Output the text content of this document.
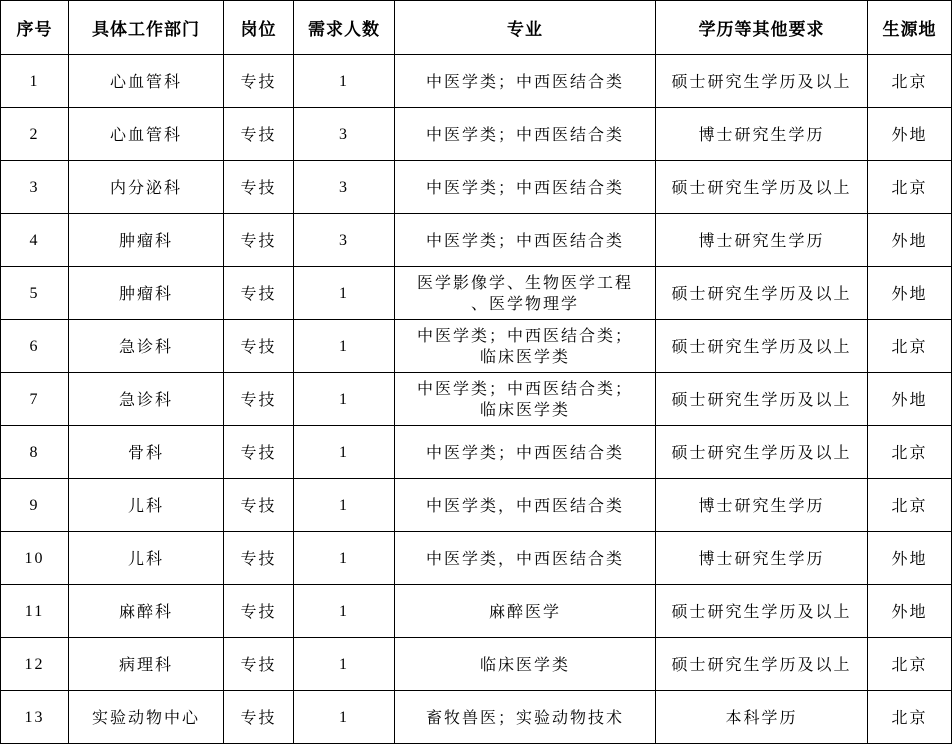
序号	具体工作部门	岗位	需求人数	专业	学历等其他要求	生源地
1	心血管科	专技	1	中医学类；中西医结合类	硕士研究生学历及以上	北京
2	心血管科	专技	3	中医学类；中西医结合类	博士研究生学历	外地
3	内分泌科	专技	3	中医学类；中西医结合类	硕士研究生学历及以上	北京
4	肿瘤科	专技	3	中医学类；中西医结合类	博士研究生学历	外地
5	肿瘤科	专技	1	医学影像学、生物医学工程
、医学物理学	硕士研究生学历及以上	外地
6	急诊科	专技	1	中医学类；中西医结合类；
临床医学类	硕士研究生学历及以上	北京
7	急诊科	专技	1	中医学类；中西医结合类；
临床医学类	硕士研究生学历及以上	外地
8	骨科	专技	1	中医学类；中西医结合类	硕士研究生学历及以上	北京
9	儿科	专技	1	中医学类，中西医结合类	博士研究生学历	北京
10	儿科	专技	1	中医学类，中西医结合类	博士研究生学历	外地
11	麻醉科	专技	1	麻醉医学	硕士研究生学历及以上	外地
12	病理科	专技	1	临床医学类	硕士研究生学历及以上	北京
13	实验动物中心	专技	1	畜牧兽医；实验动物技术	本科学历	北京
